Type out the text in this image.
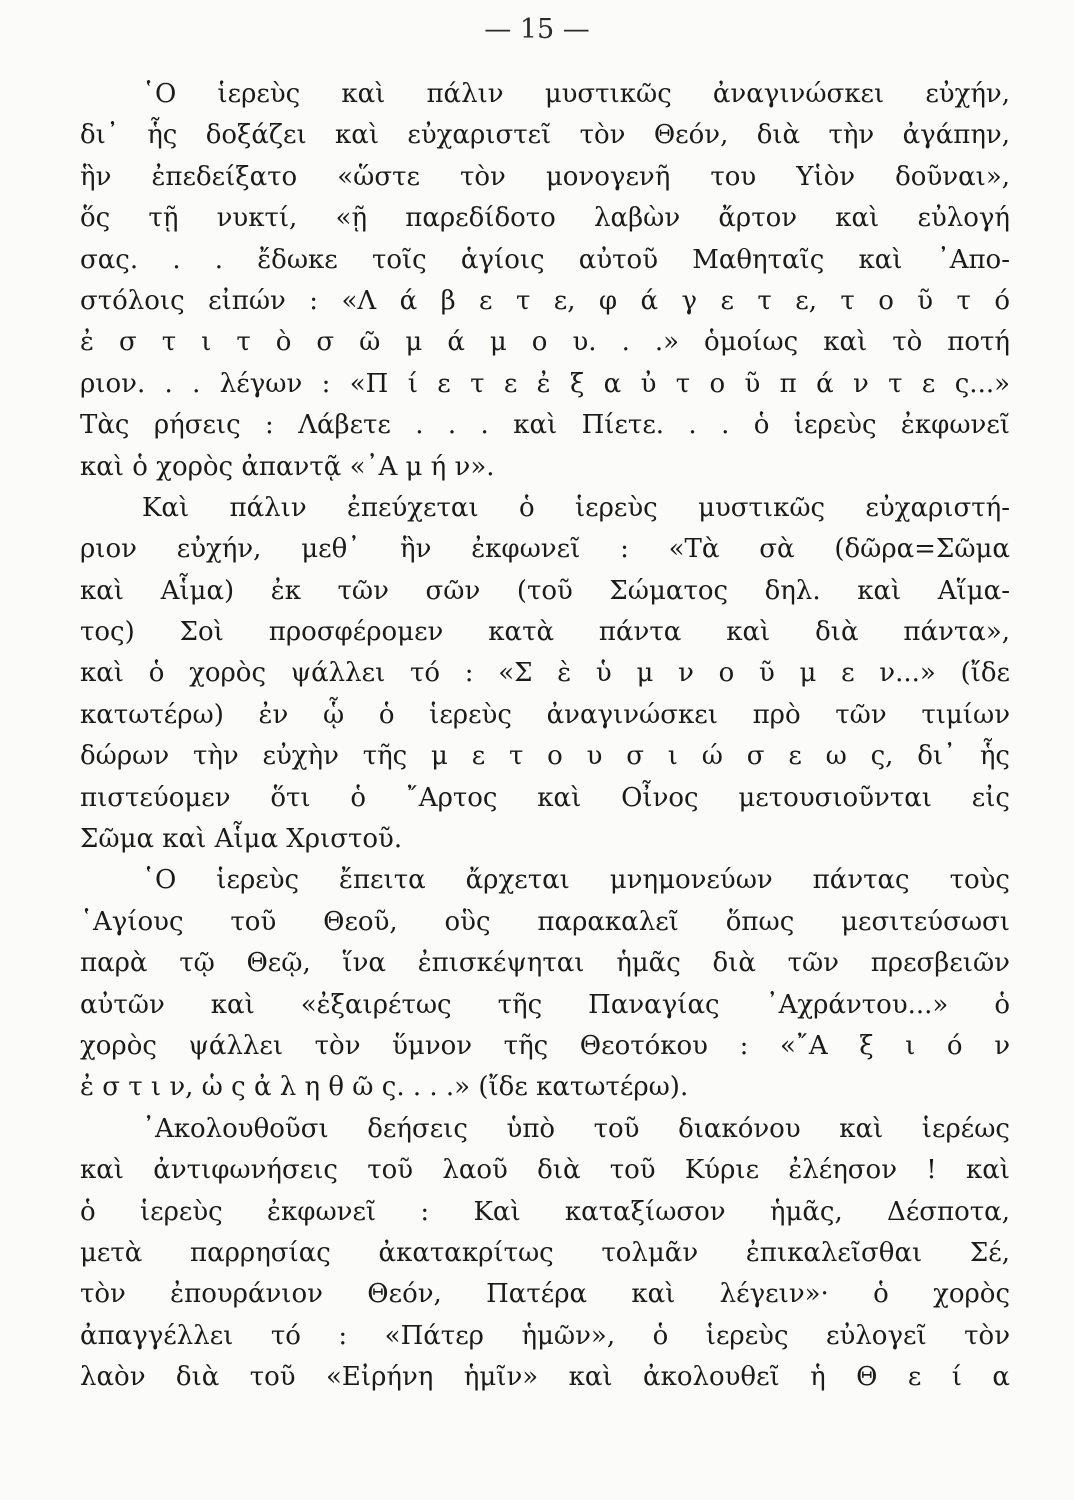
— 15 —
῾Ο ἱερεὺς καὶ πάλιν μυστικῶς ἀναγινώσκει εὐχήν,
δι᾽ ἧς δοξάζει καὶ εὐχαριστεῖ τὸν Θεόν, διὰ τὴν ἀγάπην,
ἣν ἐπεδείξατο «ὥστε τὸν μονογενῆ του Υἱὸν δοῦναι»,
ὅς τῇ νυκτί, «ῇ παρεδίδοτο λαβὼν ἄρτον καὶ εὐλογή
σας. . . ἔδωκε τοῖς ἁγίοις αὐτοῦ Μαθηταῖς καὶ ᾽Απο-
στόλοις εἰπών : «Λ ά β ε τ ε, φ ά γ ε τ ε, τ ο ῦ τ ό
ἐ σ τ ι τ ὸ σ ῶ μ ά μ ο υ. . .» ὁμοίως καὶ τὸ ποτή
ριον. . . λέγων : «Π ί ε τ ε ἐ ξ α ὐ τ ο ῦ π ά ν τ ε ς...»
Τὰς ρήσεις : Λάβετε . . . καὶ Πίετε. . . ὁ ἱερεὺς ἐκφωνεῖ
καὶ ὁ χορὸς ἀπαντᾷ «᾽Α μ ή ν».
Καὶ πάλιν ἐπεύχεται ὁ ἱερεὺς μυστικῶς εὐχαριστή-
ριον εὐχήν, μεθ᾽ ἣν ἐκφωνεῖ : «Τὰ σὰ (δῶρα=Σῶμα
καὶ Αἷμα) ἐκ τῶν σῶν (τοῦ Σώματος δηλ. καὶ Αἵμα-
τος) Σοὶ προσφέρομεν κατὰ πάντα καὶ διὰ πάντα»,
καὶ ὁ χορὸς ψάλλει τό : «Σ ὲ ὑ μ ν ο ῦ μ ε ν...» (ἴδε
κατωτέρω) ἐν ᾧ ὁ ἱερεὺς ἀναγινώσκει πρὸ τῶν τιμίων
δώρων τὴν εὐχὴν τῆς μ ε τ ο υ σ ι ώ σ ε ω ς, δι᾽ ἧς
πιστεύομεν ὅτι ὁ ῎Αρτος καὶ Οἶνος μετουσιοῦνται εἰς
Σῶμα καὶ Αἷμα Χριστοῦ.
῾Ο ἱερεὺς ἔπειτα ἄρχεται μνημονεύων πάντας τοὺς
῾Αγίους τοῦ Θεοῦ, οὓς παρακαλεῖ ὅπως μεσιτεύσωσι
παρὰ τῷ Θεῷ, ἵνα ἐπισκέψηται ἡμᾶς διὰ τῶν πρεσβειῶν
αὐτῶν καὶ «ἐξαιρέτως τῆς Παναγίας ᾽Αχράντου...» ὁ
χορὸς ψάλλει τὸν ὕμνον τῆς Θεοτόκου : «῎Α ξ ι ό ν
ἐ σ τ ι ν, ὡ ς ἀ λ η θ ῶ ς. . . .» (ἴδε κατωτέρω).
᾽Ακολουθοῦσι δεήσεις ὑπὸ τοῦ διακόνου καὶ ἱερέως
καὶ ἀντιφωνήσεις τοῦ λαοῦ διὰ τοῦ Κύριε ἐλέησον ! καὶ
ὁ ἱερεὺς ἐκφωνεῖ : Καὶ καταξίωσον ἡμᾶς, Δέσποτα,
μετὰ παρρησίας ἀκατακρίτως τολμᾶν ἐπικαλεῖσθαι Σέ,
τὸν ἐπουράνιον Θεόν, Πατέρα καὶ λέγειν»· ὁ χορὸς
ἀπαγγέλλει τό : «Πάτερ ἡμῶν», ὁ ἱερεὺς εὐλογεῖ τὸν
λαὸν διὰ τοῦ «Εἰρήνη ἡμῖν» καὶ ἀκολουθεῖ ἡ Θ ε ί α
